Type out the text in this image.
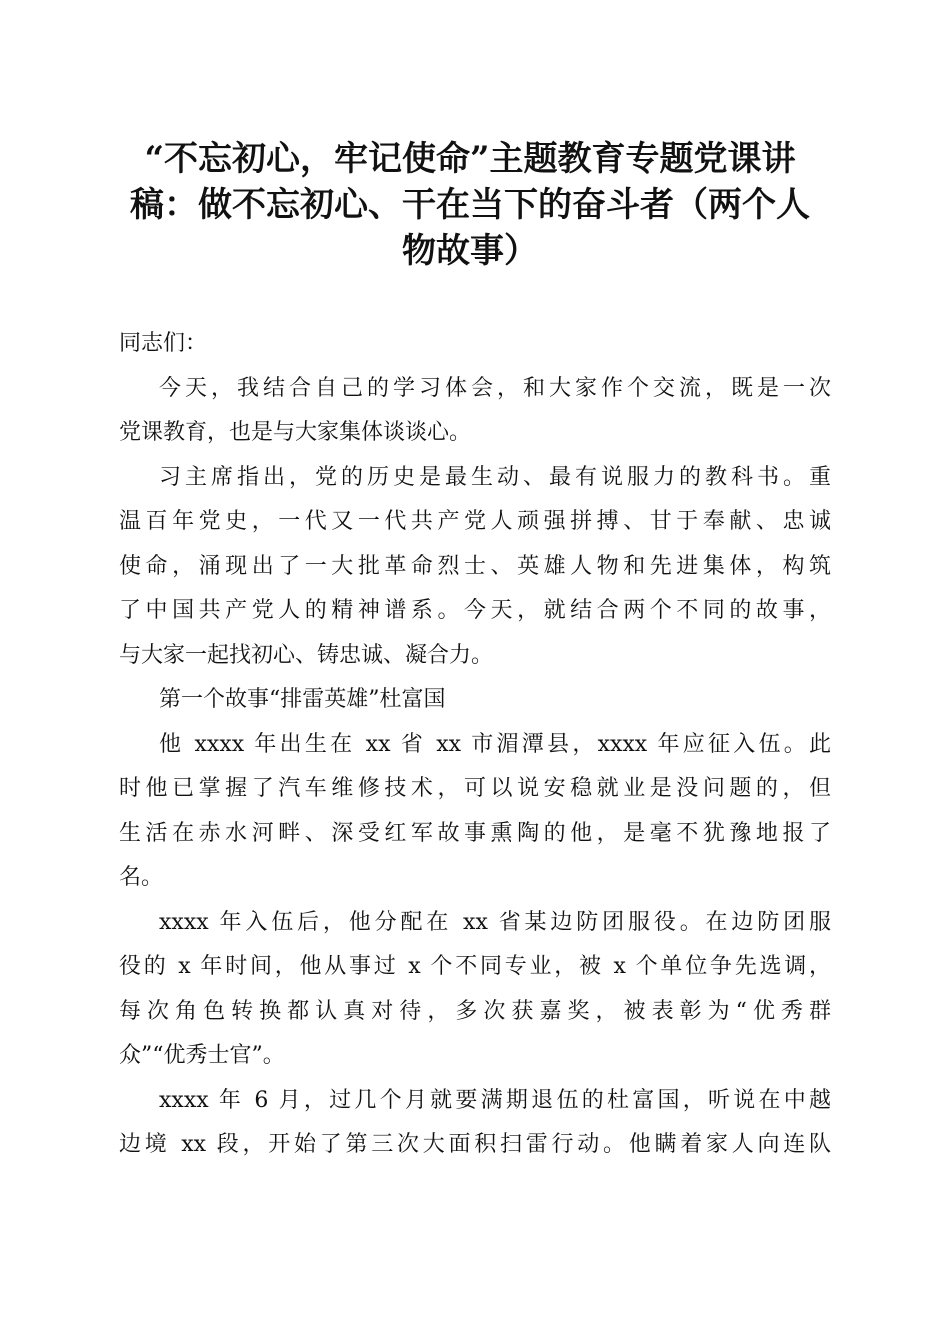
“不忘初心，牢记使命”主题教育专题党课讲
稿：做不忘初心、干在当下的奋斗者（两个人
物故事）

同志们：

今天，我结合自己的学习体会，和大家作个交流，既是一次
党课教育，也是与大家集体谈谈心。

习主席指出，党的历史是最生动、最有说服力的教科书。重
温百年党史，一代又一代共产党人顽强拼搏、甘于奉献、忠诚
使命，涌现出了一大批革命烈士、英雄人物和先进集体，构筑
了中国共产党人的精神谱系。今天，就结合两个不同的故事，
与大家一起找初心、铸忠诚、凝合力。

第一个故事“排雷英雄”杜富国

他 xxxx 年出生在 xx 省 xx 市湄潭县，xxxx 年应征入伍。此
时他已掌握了汽车维修技术，可以说安稳就业是没问题的，但
生活在赤水河畔、深受红军故事熏陶的他，是毫不犹豫地报了
名。

xxxx 年入伍后，他分配在 xx 省某边防团服役。在边防团服
役的 x 年时间，他从事过 x 个不同专业，被 x 个单位争先选调，
每次角色转换都认真对待，多次获嘉奖，被表彰为“优秀群
众”“优秀士官”。

xxxx 年 6 月，过几个月就要满期退伍的杜富国，听说在中越
边境 xx 段，开始了第三次大面积扫雷行动。他瞒着家人向连队
